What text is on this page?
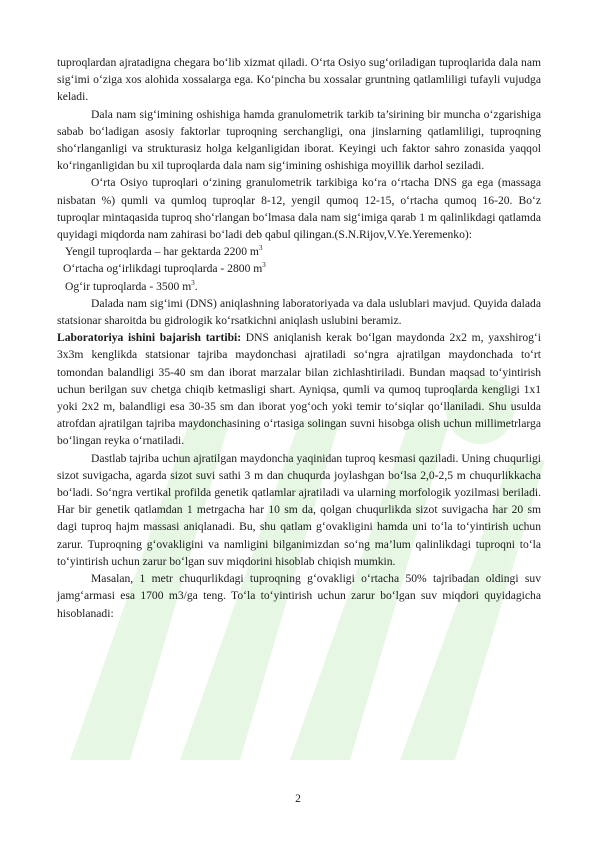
tuproqlardan ajratadigna chegara bo‘lib xizmat qiladi. O‘rta Osiyo sug‘oriladigan tuproqlarida dala nam sig‘imi o‘ziga xos alohida xossalarga ega. Ko‘pincha bu xossalar gruntning qatlamliligi tufayli vujudga keladi.

Dala nam sig‘imining oshishiga hamda granulometrik tarkib ta’sirining bir muncha o‘zgarishiga sabab bo‘ladigan asosiy faktorlar tuproqning serchangligi, ona jinslarning qatlamliligi, tuproqning sho‘rlanganligi va strukturasiz holga kelganligidan iborat. Keyingi uch faktor sahro zonasida yaqqol ko‘ringanligidan bu xil tuproqlarda dala nam sig‘imining oshishiga moyillik darhol seziladi.

O‘rta Osiyo tuproqlari o‘zining granulometrik tarkibiga ko‘ra o‘rtacha DNS ga ega (massaga nisbatan %) qumli va qumloq tuproqlar 8-12, yengil qumoq 12-15, o‘rtacha qumoq 16-20. Bo‘z tuproqlar mintaqasida tuproq sho‘rlangan bo‘lmasa dala nam sig‘imiga qarab 1 m qalinlikdagi qatlamda quyidagi miqdorda nam zahirasi bo‘ladi deb qabul qilingan.(S.N.Rijov,V.Ye.Yeremenko):

Yengil tuproqlarda – har gektarda 2200 $m^3$

O‘rtacha og‘irlikdagi tuproqlarda - 2800 $m^3$

Og‘ir tuproqlarda - 3500 $m^3$.

Dalada nam sig‘imi (DNS) aniqlashning laboratoriyada va dala uslublari mavjud. Quyida dalada statsionar sharoitda bu gidrologik ko‘rsatkichni aniqlash uslubini beramiz.

Laboratoriya ishini bajarish tartibi: DNS aniqlanish kerak bo‘lgan maydonda 2x2 m, yaxshirog‘i 3x3m kenglikda statsionar tajriba maydonchasi ajratiladi so‘ngra ajratilgan maydonchada to‘rt tomondan balandligi 35-40 sm dan iborat marzalar bilan zichlashtiriladi. Bundan maqsad to‘yintirish uchun berilgan suv chetga chiqib ketmasligi shart. Ayniqsa, qumli va qumoq tuproqlarda kengligi 1x1 yoki 2x2 m, balandligi esa 30-35 sm dan iborat yog‘och yoki temir to‘siqlar qo‘llaniladi. Shu usulda atrofdan ajratilgan tajriba maydonchasining o‘rtasiga solingan suvni hisobga olish uchun millimetrlarga bo‘lingan reyka o‘rnatiladi.

Dastlab tajriba uchun ajratilgan maydoncha yaqinidan tuproq kesmasi qaziladi. Uning chuqurligi sizot suvigacha, agarda sizot suvi sathi 3 m dan chuqurda joylashgan bo‘lsa 2,0-2,5 m chuqurlikkacha bo‘ladi. So‘ngra vertikal profilda genetik qatlamlar ajratiladi va ularning morfologik yozilmasi beriladi. Har bir genetik qatlamdan 1 metrgacha har 10 sm da, qolgan chuqurlikda sizot suvigacha har 20 sm dagi tuproq hajm massasi aniqlanadi. Bu, shu qatlam g‘ovakligini hamda uni to‘la to‘yintirish uchun zarur. Tuproqning g‘ovakligini va namligini bilganimizdan so‘ng ma’lum qalinlikdagi tuproqni to‘la to‘yintirish uchun zarur bo‘lgan suv miqdorini hisoblab chiqish mumkin.

Masalan, 1 metr chuqurlikdagi tuproqning g‘ovakligi o‘rtacha 50% tajribadan oldingi suv jamg‘armasi esa 1700 m3/ga teng. To‘la to‘yintirish uchun zarur bo‘lgan suv miqdori quyidagicha hisoblanadi:

2
